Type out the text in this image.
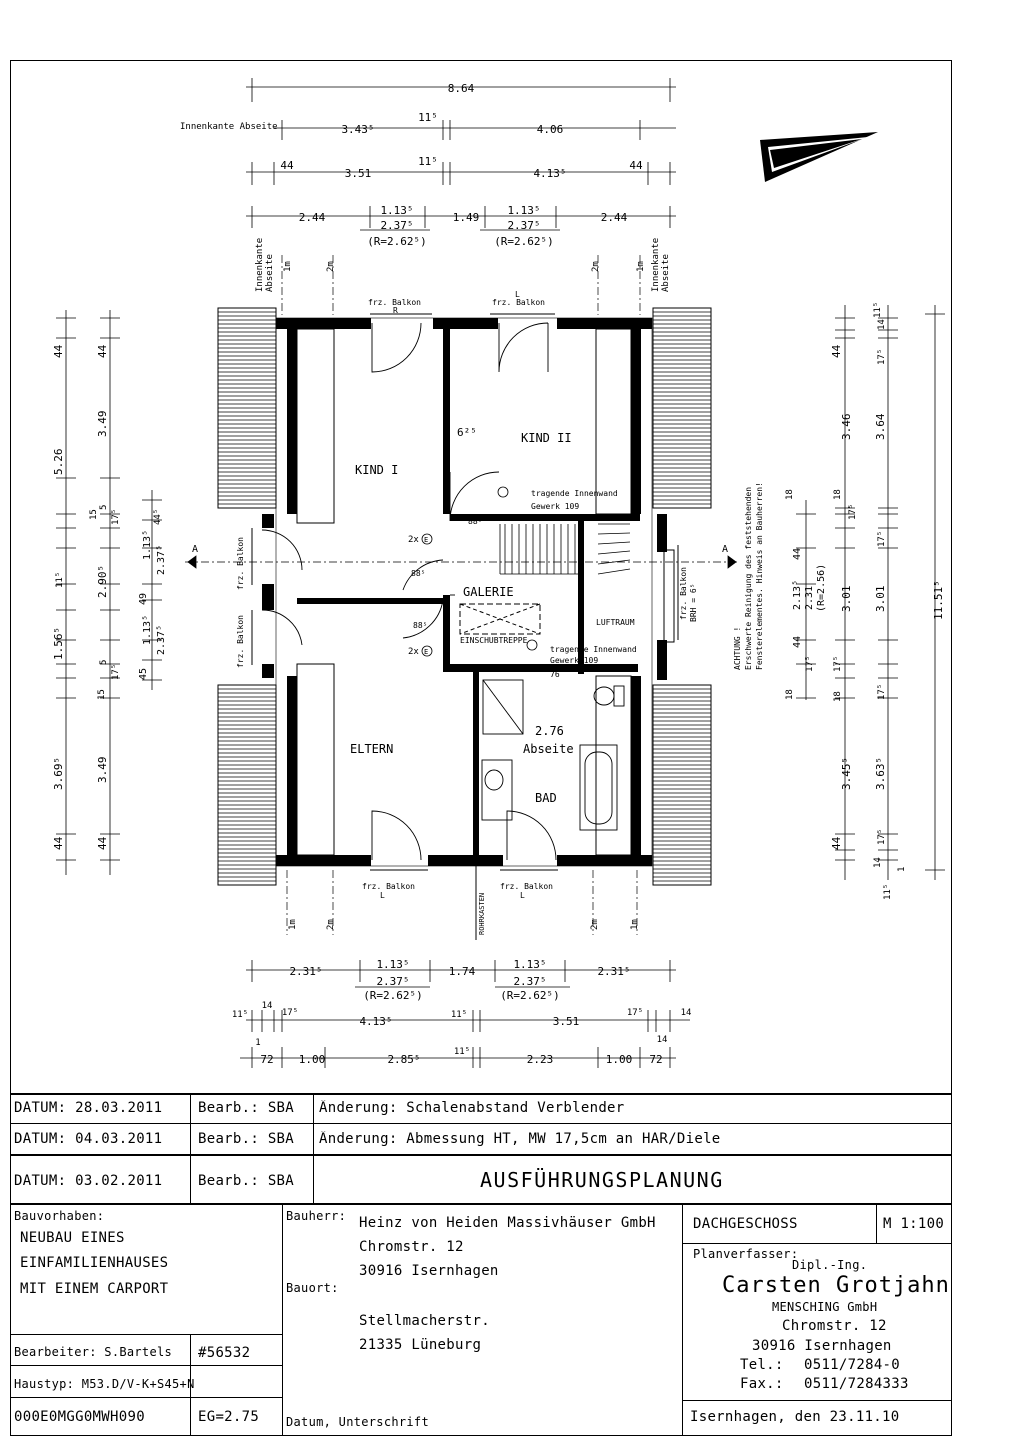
8.64
Innenkante Abseite	3.43⁵
11⁵
4.06
44
3.51
11⁵
4.13⁵
44
2.44
1.13⁵
2.37⁵
(R=2.62⁵)
1.49
1.13⁵
2.37⁵
(R=2.62⁵)
2.44
Innenkante Abseite	Innenkante Abseite
1m	2m	2m	1m
1m	2m	2m	1m
KIND I
KIND II
ELTERN
BAD
GALERIE
LUFTRAUM
Abseite
EINSCHUBTREPPE
frz. Balkon	frz. Balkon
frz. Balkon	frz. Balkon
frz. Balkon
frz. Balkon
frz. Balkon BRH = 6⁵
tragende Innenwand
Gewerk 109
tragende Innenwand
Gewerk 109
ROHRKASTEN
88⁵
88⁵
88⁵
2x
2x
76
2.76
6²⁵
R
L
L	L
A	A
E
E	ACHTUNG ! Erschwerte Reinigung des feststehenden Fensterelementes. Hinweis an Bauherren!
44	44
3.49
5.26
5
15 17⁵	44⁵
1.13⁵ 2.37⁵
11⁵	2.90⁵
49
1.56⁵	1.13⁵ 2.37⁵
5
17⁵
15
45
3.69⁵	3.49
44	44
44	17⁵
11⁵
14
3.46 3.64
18
17⁵
18
44
2.13⁵ 2.31 (R=2.56) 3.01 3.01
17⁵
11.51⁵
44
17⁵
18
17⁵
18	17⁵
3.45⁵ 3.63⁵
44	17⁵
14
11⁵
1
2.31⁵
1.13⁵
2.37⁵
(R=2.62⁵)
1.74
1.13⁵
2.37⁵
(R=2.62⁵)
2.31⁵
11⁵
14
17⁵
4.13⁵	11⁵	3.51
17⁵	14
72 1.00	2.85⁵
11⁵
2.23	1.00 72
1	14
DATUM: 28.03.2011	Bearb.: SBA Änderung: Schalenabstand Verblender
DATUM: 04.03.2011	Bearb.: SBA Änderung: Abmessung HT, MW 17,5cm an HAR/Diele
DATUM: 03.02.2011	Bearb.: SBA	AUSFÜHRUNGSPLANUNG
Bauvorhaben:
NEUBAU EINES
EINFAMILIENHAUSES
MIT EINEM CARPORT
Bauherr: Heinz von Heiden Massivhäuser GmbH
Chromstr. 12
30916 Isernhagen
Bauort:
Stellmacherstr.
21335 Lüneburg
DACHGESCHOSS	M 1:100
Planverfasser:
Dipl.-Ing.
Carsten Grotjahn
MENSCHING GmbH
Chromstr. 12
30916 Isernhagen
Tel.: 0511/7284-0
Fax.: 0511/7284333
Bearbeiter: S.Bartels #56532
Haustyp: M53.D/V-K+S45+N
000E0MGG0MWH090	EG=2.75 Datum, Unterschrift	Isernhagen, den 23.11.10
